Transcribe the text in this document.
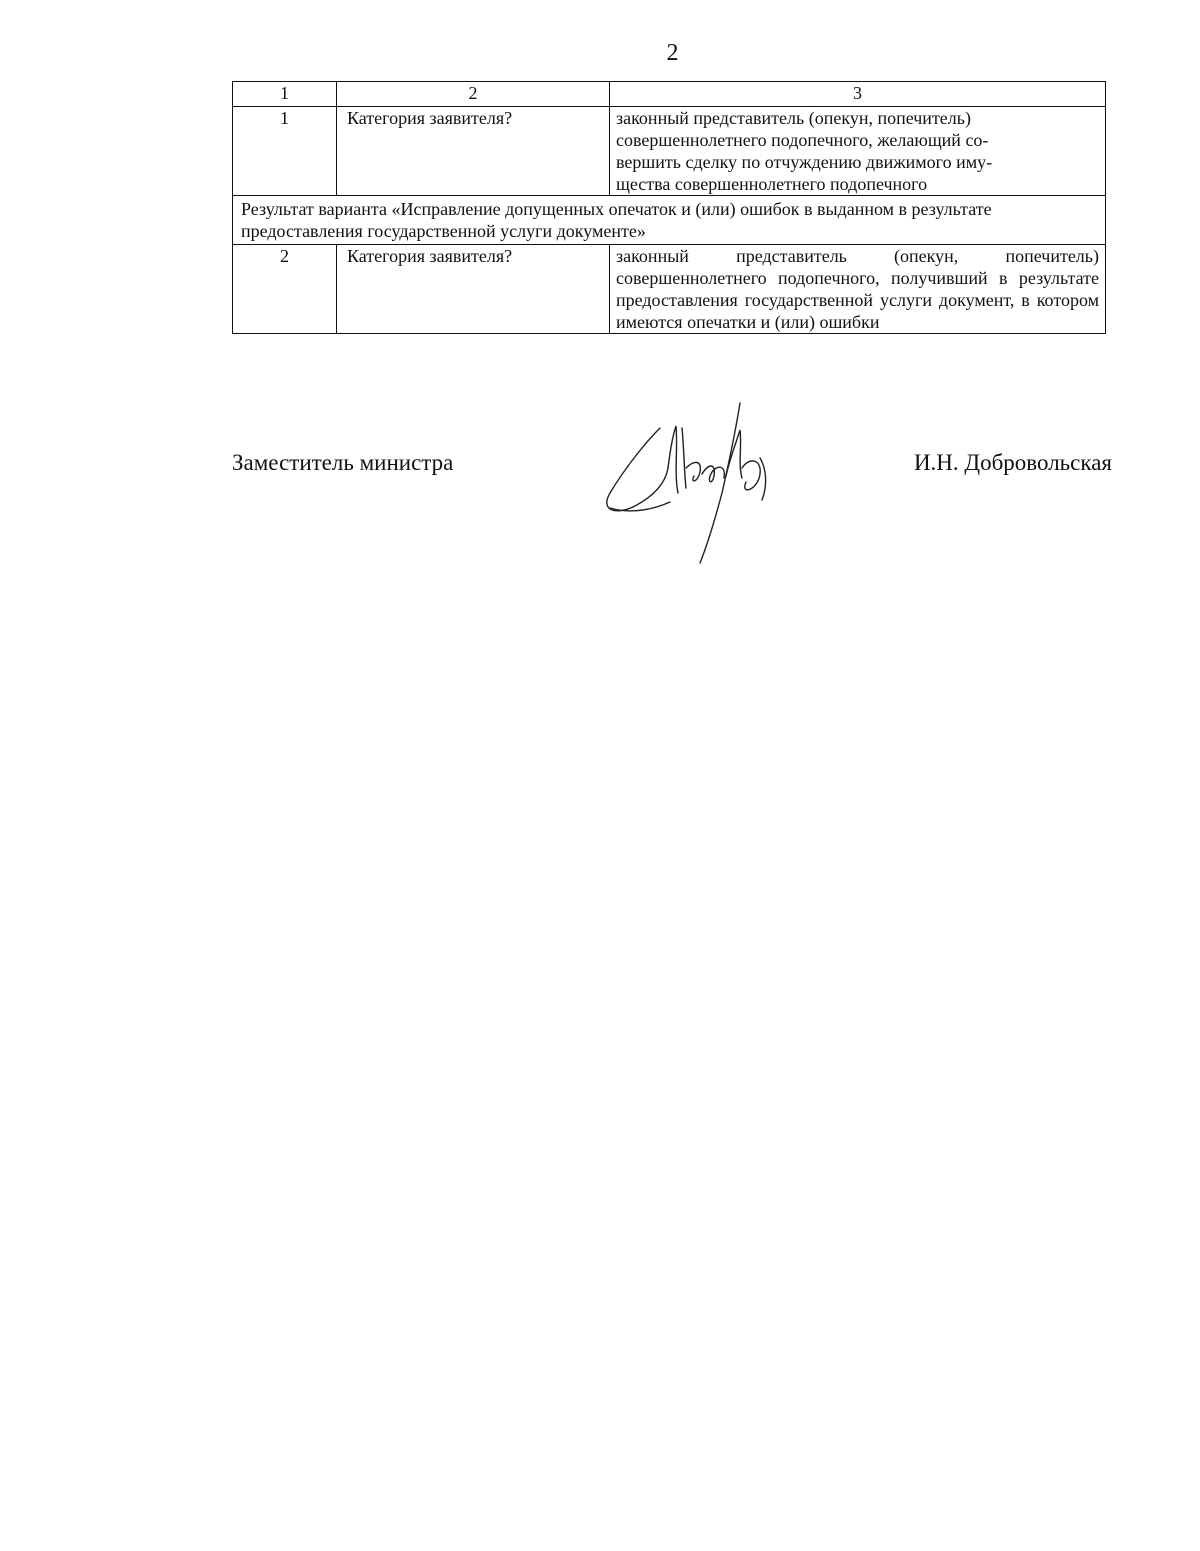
2
1	2	3
1	Категория заявителя?	законный представитель (опекун, попечитель)
совершеннолетнего подопечного, желающий со-
вершить сделку по отчуждению движимого иму-
щества совершеннолетнего подопечного

Результат варианта «Исправление допущенных опечаток и (или) ошибок в выданном в результате предоставления государственной услуги документе»		
2	Категория заявителя?	законный представитель (опекун, попечитель) совершеннолетнего подопечного, получивший в результате предоставления государственной услуги документ, в котором имеются опечатки и (или) ошибки
Заместитель министра	И.Н. Добровольская
